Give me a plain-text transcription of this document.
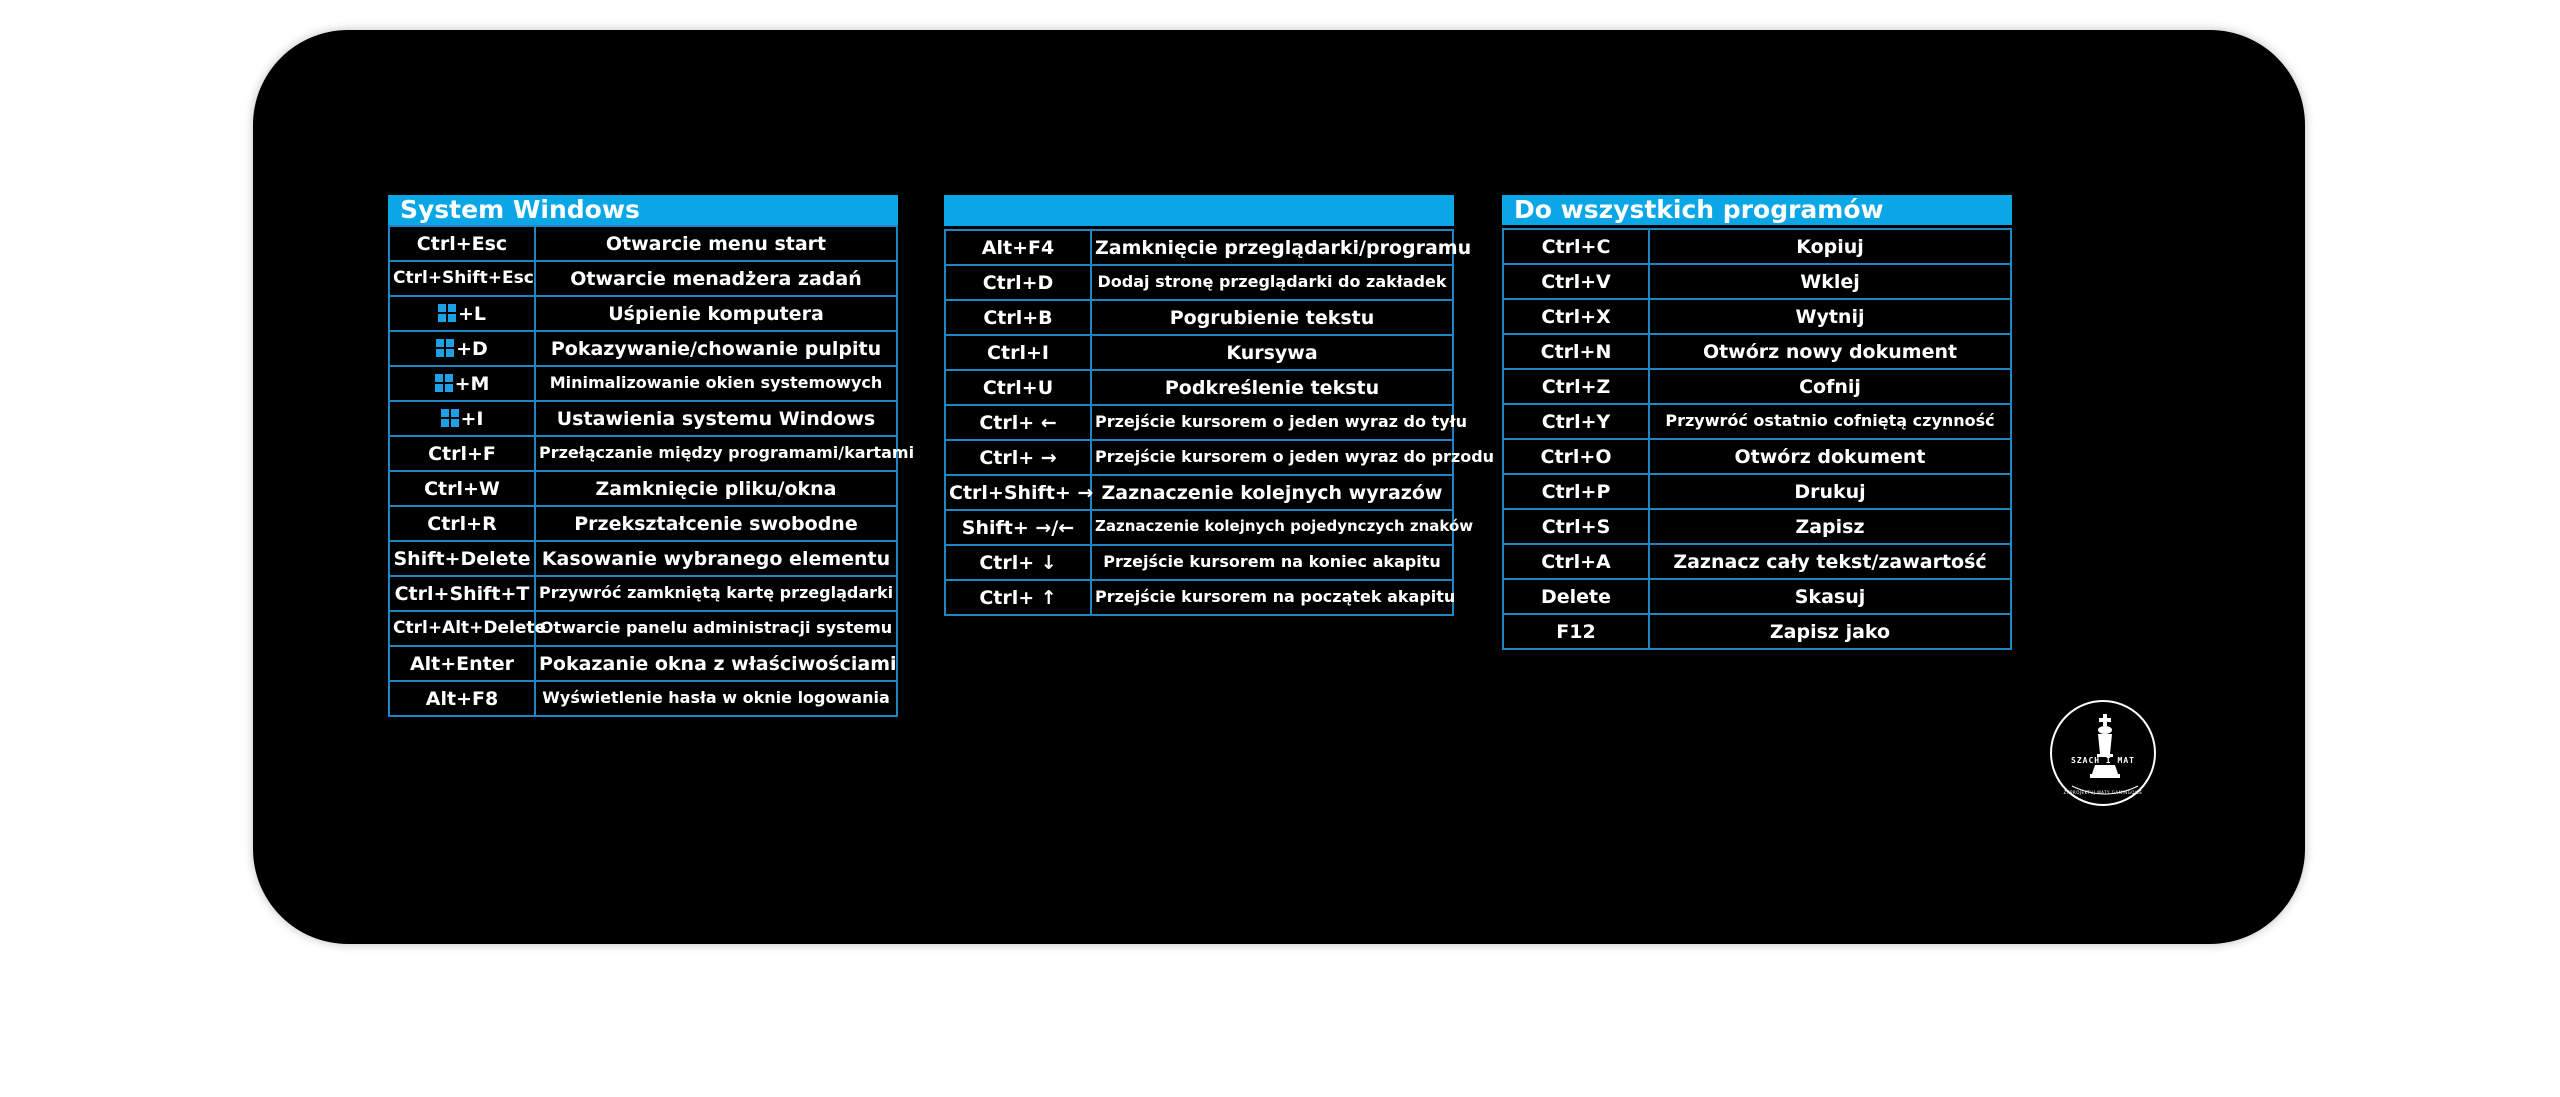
System Windows
Ctrl+Esc	Otwarcie menu start
Ctrl+Shift+Esc	Otwarcie menadżera zadań
+L	Uśpienie komputera
+D	Pokazywanie/chowanie pulpitu
+M	Minimalizowanie okien systemowych
+I	Ustawienia systemu Windows
Ctrl+F	Przełączanie między programami/kartami
Ctrl+W	Zamknięcie pliku/okna
Ctrl+R	Przekształcenie swobodne
Shift+Delete	Kasowanie wybranego elementu
Ctrl+Shift+T	Przywróć zamkniętą kartę przeglądarki
Ctrl+Alt+Delete	Otwarcie panelu administracji systemu
Alt+Enter	Pokazanie okna z właściwościami
Alt+F8	Wyświetlenie hasła w oknie logowania
Alt+F4	Zamknięcie przeglądarki/programu
Ctrl+D	Dodaj stronę przeglądarki do zakładek
Ctrl+B	Pogrubienie tekstu
Ctrl+I	Kursywa
Ctrl+U	Podkreślenie tekstu
Ctrl+ ←	Przejście kursorem o jeden wyraz do tyłu
Ctrl+ →	Przejście kursorem o jeden wyraz do przodu
Ctrl+Shift+ →	Zaznaczenie kolejnych wyrazów
Shift+ →/←	Zaznaczenie kolejnych pojedynczych znaków
Ctrl+ ↓	Przejście kursorem na koniec akapitu
Ctrl+ ↑	Przejście kursorem na początek akapitu
Do wszystkich programów
Ctrl+C	Kopiuj
Ctrl+V	Wklej
Ctrl+X	Wytnij
Ctrl+N	Otwórz nowy dokument
Ctrl+Z	Cofnij
Ctrl+Y	Przywróć ostatnio cofniętą czynność
Ctrl+O	Otwórz dokument
Ctrl+P	Drukuj
Ctrl+S	Zapisz
Ctrl+A	Zaznacz cały tekst/zawartość
Delete	Skasuj
F12	Zapisz jako
SZACH I MAT
ZAPROJEKTUJ MATY GAMINGOWE
